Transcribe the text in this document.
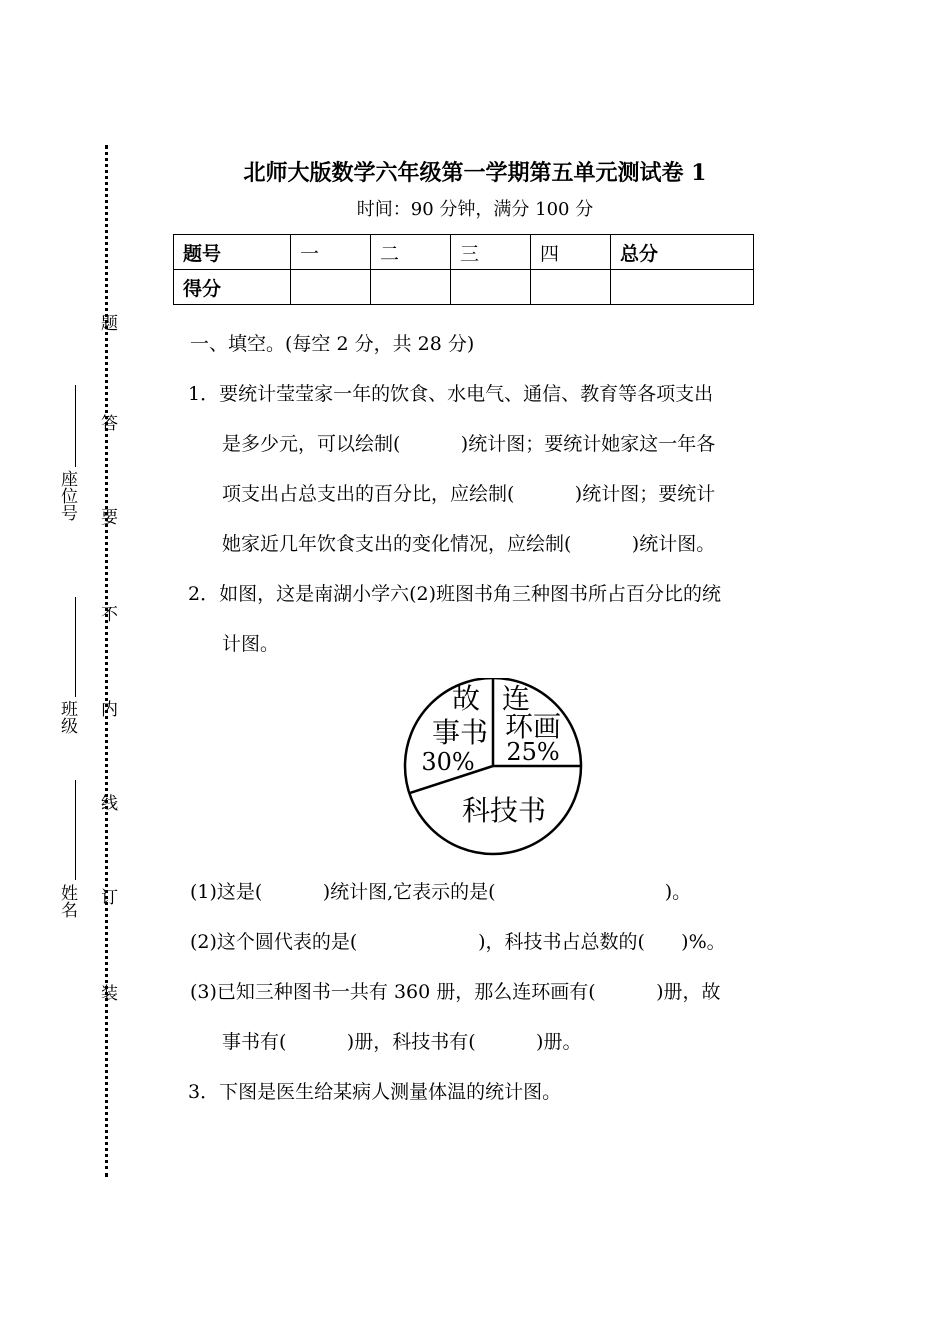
题
答
要
不
内
线
订
装
座位号
班级
姓名
北师大版数学六年级第一学期第五单元测试卷 1
时间：90 分钟，满分 100 分
题号	一	二	三	四	总分
得分					
一、填空。(每空 2 分，共 28 分)
1．要统计莹莹家一年的饮食、水电气、通信、教育等各项支出
是多少元，可以绘制(          )统计图；要统计她家这一年各
项支出占总支出的百分比，应绘制(          )统计图；要统计
她家近几年饮食支出的变化情况，应绘制(          )统计图。
2．如图，这是南湖小学六(2)班图书角三种图书所占百分比的统
计图。
故
事书
30%
连
环画
25%
科技书
(1)这是(          )统计图,它表示的是(                            )。
(2)这个圆代表的是(                    )，科技书占总数的(      )%。
(3)已知三种图书一共有 360 册，那么连环画有(          )册，故
事书有(          )册，科技书有(          )册。
3．下图是医生给某病人测量体温的统计图。
